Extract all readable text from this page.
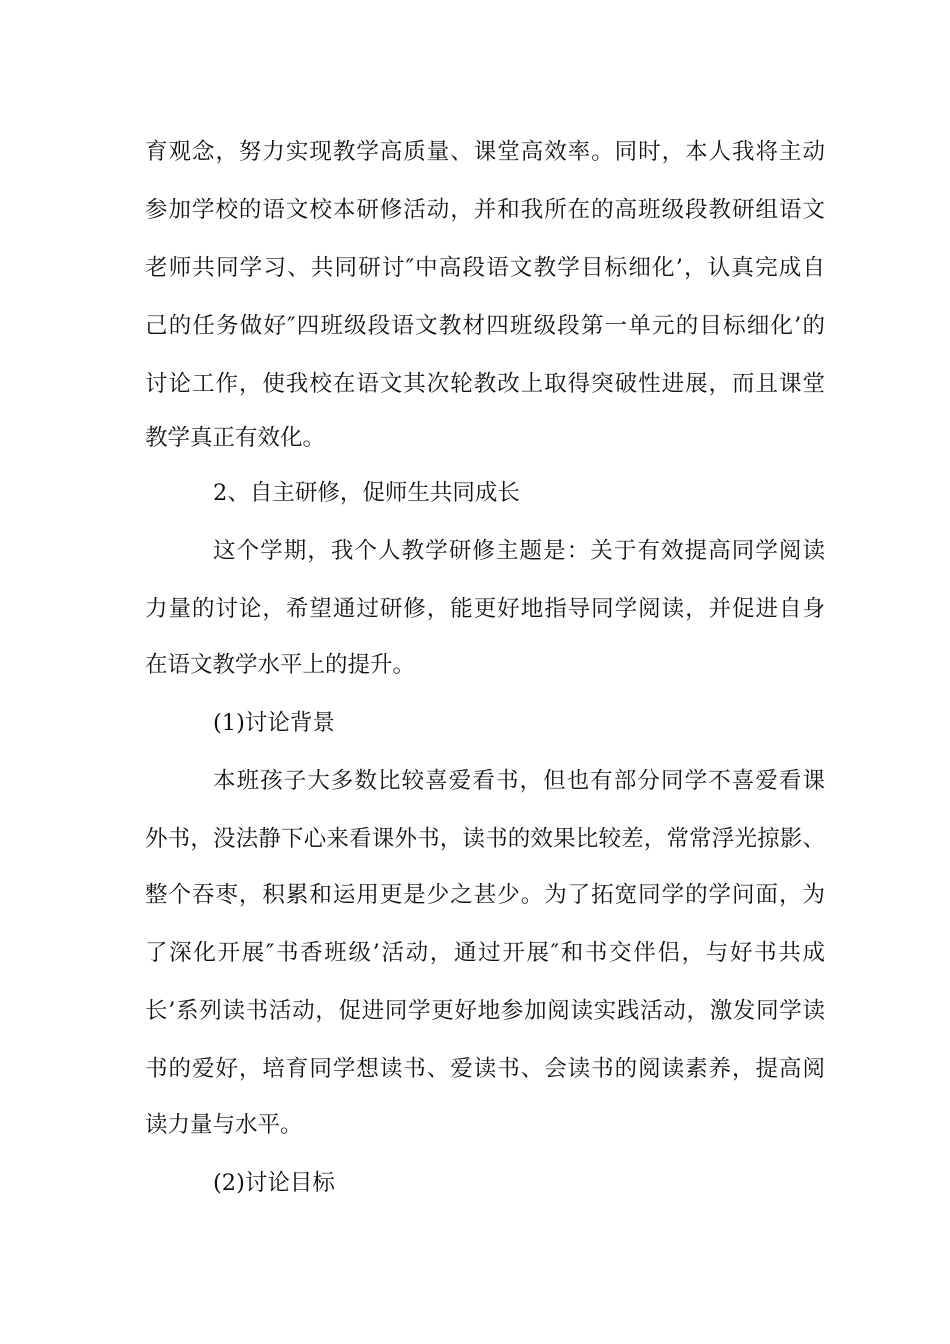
育观念，努力实现教学高质量、课堂高效率。同时，本人我将主动
参加学校的语文校本研修活动，并和我所在的高班级段教研组语文
老师共同学习、共同研讨″中高段语文教学目标细化’，认真完成自
己的任务做好″四班级段语文教材四班级段第一单元的目标细化’的
讨论工作，使我校在语文其次轮教改上取得突破性进展，而且课堂
教学真正有效化。
2、自主研修，促师生共同成长
这个学期，我个人教学研修主题是：关于有效提高同学阅读
力量的讨论，希望通过研修，能更好地指导同学阅读，并促进自身
在语文教学水平上的提升。
(1)讨论背景
本班孩子大多数比较喜爱看书，但也有部分同学不喜爱看课
外书，没法静下心来看课外书，读书的效果比较差，常常浮光掠影、
整个吞枣，积累和运用更是少之甚少。为了拓宽同学的学问面，为
了深化开展″书香班级’活动，通过开展″和书交伴侣，与好书共成
长’系列读书活动，促进同学更好地参加阅读实践活动，激发同学读
书的爱好，培育同学想读书、爱读书、会读书的阅读素养，提高阅
读力量与水平。
(2)讨论目标
